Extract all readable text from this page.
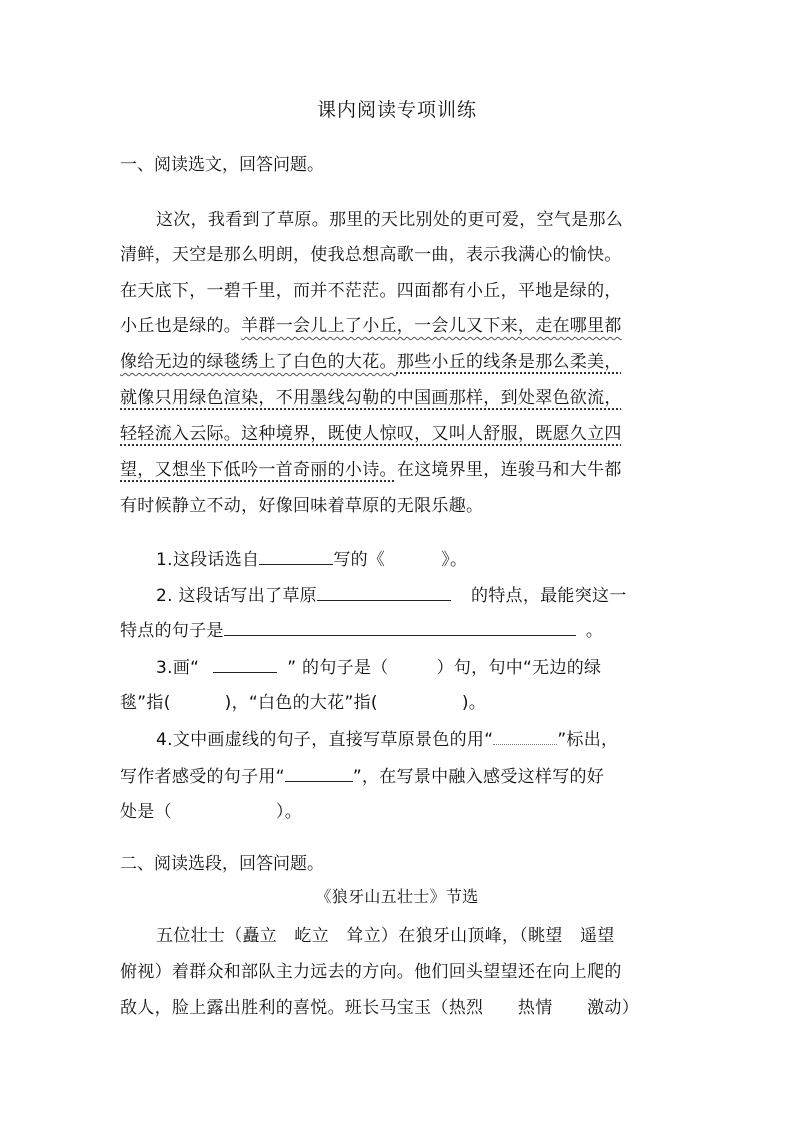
课内阅读专项训练
一、阅读选文，回答问题。
这次，我看到了草原。那里的天比别处的更可爱，空气是那么
清鲜，天空是那么明朗，使我总想高歌一曲，表示我满心的愉快。
在天底下，一碧千里，而并不茫茫。四面都有小丘，平地是绿的，
小丘也是绿的。羊群一会儿上了小丘，一会儿又下来，走在哪里都
像给无边的绿毯绣上了白色的大花。那些小丘的线条是那么柔美，
就像只用绿色渲染，不用墨线勾勒的中国画那样，到处翠色欲流，
轻轻流入云际。这种境界，既使人惊叹，又叫人舒服，既愿久立四
望，又想坐下低吟一首奇丽的小诗。在这境界里，连骏马和大牛都
有时候静立不动，好像回味着草原的无限乐趣。
1.这段话选自	写的《	》。
2. 这段话写出了草原	的特点，最能突这一
特点的句子是	。
3.画“	” 的句子是（	）句，句中“无边的绿
毯”指(	)，“白色的大花”指(	)。
4.文中画虚线的句子，直接写草原景色的用“	”标出，
写作者感受的句子用“	”，在写景中融入感受这样写的好
处是（	）。
二、阅读选段，回答问题。
《狼牙山五壮士》节选
五位壮士（矗立　屹立　耸立）在狼牙山顶峰，（眺望　遥望
俯视）着群众和部队主力远去的方向。他们回头望望还在向上爬的
敌人，脸上露出胜利的喜悦。班长马宝玉（热烈　　热情　　激动）
